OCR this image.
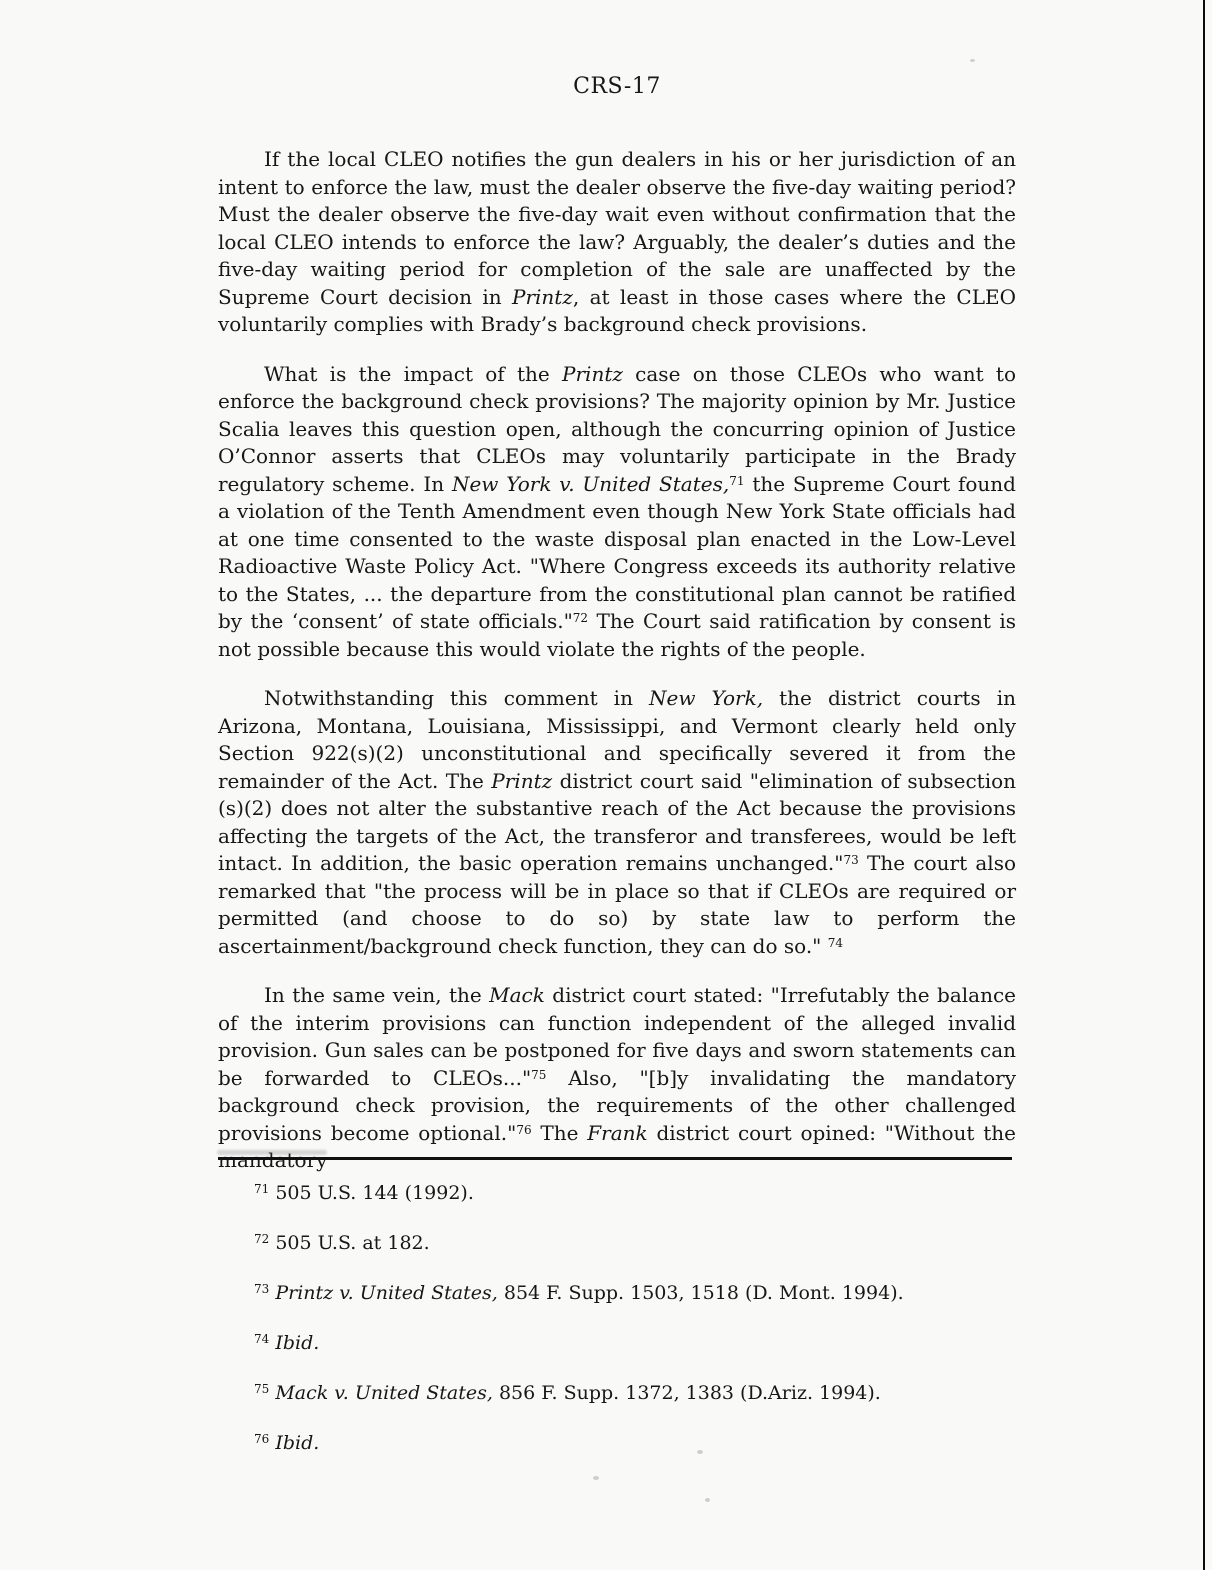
CRS-17

If the local CLEO notifies the gun dealers in his or her jurisdiction of an intent to enforce the law, must the dealer observe the five-day waiting period? Must the dealer observe the five-day wait even without confirmation that the local CLEO intends to enforce the law? Arguably, the dealer’s duties and the five-day waiting period for completion of the sale are unaffected by the Supreme Court decision in Printz, at least in those cases where the CLEO voluntarily complies with Brady’s background check provisions.

What is the impact of the Printz case on those CLEOs who want to enforce the background check provisions? The majority opinion by Mr. Justice Scalia leaves this question open, although the concurring opinion of Justice O’Connor asserts that CLEOs may voluntarily participate in the Brady regulatory scheme. In New York v. United States,$^{71}$ the Supreme Court found a violation of the Tenth Amendment even though New York State officials had at one time consented to the waste disposal plan enacted in the Low-Level Radioactive Waste Policy Act. "Where Congress exceeds its authority relative to the States, ... the departure from the constitutional plan cannot be ratified by the ‘consent’ of state officials."$^{72}$ The Court said ratification by consent is not possible because this would violate the rights of the people.

Notwithstanding this comment in New York, the district courts in Arizona, Montana, Louisiana, Mississippi, and Vermont clearly held only Section 922(s)(2) unconstitutional and specifically severed it from the remainder of the Act. The Printz district court said "elimination of subsection (s)(2) does not alter the substantive reach of the Act because the provisions affecting the targets of the Act, the transferor and transferees, would be left intact. In addition, the basic operation remains unchanged."$^{73}$ The court also remarked that "the process will be in place so that if CLEOs are required or permitted (and choose to do so) by state law to perform the ascertainment/background check function, they can do so." $^{74}$

In the same vein, the Mack district court stated: "Irrefutably the balance of the interim provisions can function independent of the alleged invalid provision. Gun sales can be postponed for five days and sworn statements can be forwarded to CLEOs..."$^{75}$ Also, "[b]y invalidating the mandatory background check provision, the requirements of the other challenged provisions become optional."$^{76}$ The Frank district court opined: "Without the mandatory

$^{71}$ 505 U.S. 144 (1992).
$^{72}$ 505 U.S. at 182.
$^{73}$ Printz v. United States, 854 F. Supp. 1503, 1518 (D. Mont. 1994).
$^{74}$ Ibid.
$^{75}$ Mack v. United States, 856 F. Supp. 1372, 1383 (D.Ariz. 1994).
$^{76}$ Ibid.
